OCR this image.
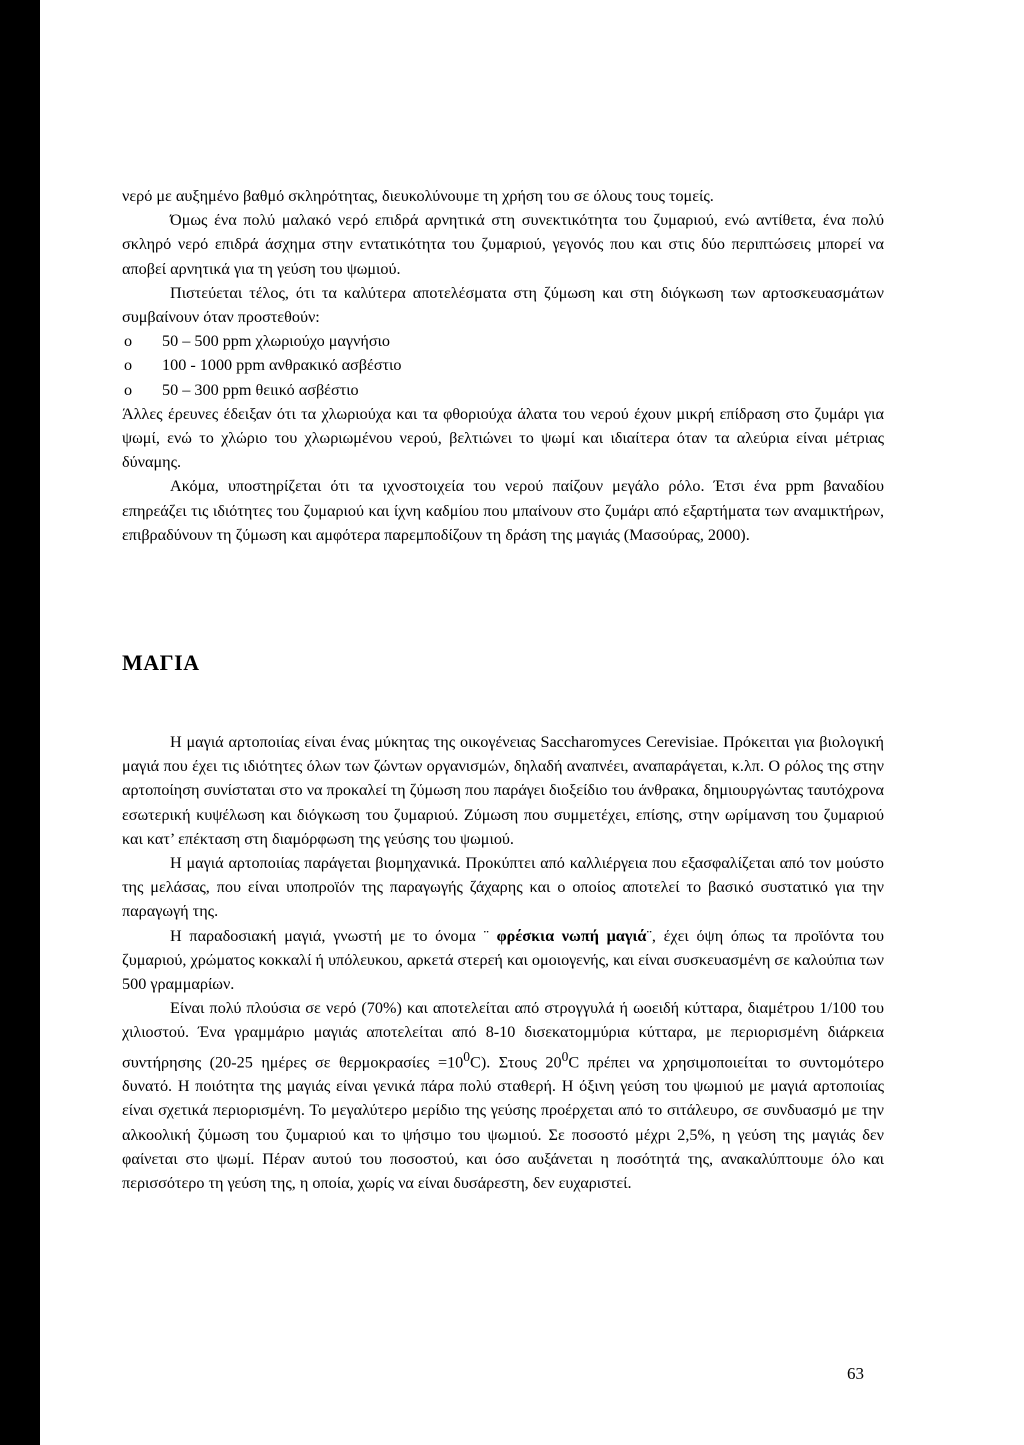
νερό με αυξημένο βαθμό σκληρότητας, διευκολύνουμε τη χρήση του σε όλους τους τομείς.

Όμως ένα πολύ μαλακό νερό επιδρά αρνητικά στη συνεκτικότητα του ζυμαριού, ενώ αντίθετα, ένα πολύ σκληρό νερό επιδρά άσχημα στην εντατικότητα του ζυμαριού, γεγονός που και στις δύο περιπτώσεις μπορεί να αποβεί αρνητικά για τη γεύση του ψωμιού.

Πιστεύεται τέλος, ότι τα καλύτερα αποτελέσματα στη ζύμωση και στη διόγκωση των αρτοσκευασμάτων συμβαίνουν όταν προστεθούν:

o 50 – 500 ppm χλωριούχο μαγνήσιο
o 100 - 1000 ppm ανθρακικό ασβέστιο
o 50 – 300 ppm θειικό ασβέστιο

Άλλες έρευνες έδειξαν ότι τα χλωριούχα και τα φθοριούχα άλατα του νερού έχουν μικρή επίδραση στο ζυμάρι για ψωμί, ενώ το χλώριο του χλωριωμένου νερού, βελτιώνει το ψωμί και ιδιαίτερα όταν τα αλεύρια είναι μέτριας δύναμης.

Ακόμα, υποστηρίζεται ότι τα ιχνοστοιχεία του νερού παίζουν μεγάλο ρόλο. Έτσι ένα ppm βαναδίου επηρεάζει τις ιδιότητες του ζυμαριού και ίχνη καδμίου που μπαίνουν στο ζυμάρι από εξαρτήματα των αναμικτήρων, επιβραδύνουν τη ζύμωση και αμφότερα παρεμποδίζουν τη δράση της μαγιάς (Μασούρας, 2000).

ΜΑΓΙΑ

Η μαγιά αρτοποιίας είναι ένας μύκητας της οικογένειας Saccharomyces Cerevisiae. Πρόκειται για βιολογική μαγιά που έχει τις ιδιότητες όλων των ζώντων οργανισμών, δηλαδή αναπνέει, αναπαράγεται, κ.λπ. Ο ρόλος της στην αρτοποίηση συνίσταται στο να προκαλεί τη ζύμωση που παράγει διοξείδιο του άνθρακα, δημιουργώντας ταυτόχρονα εσωτερική κυψέλωση και διόγκωση του ζυμαριού. Ζύμωση που συμμετέχει, επίσης, στην ωρίμανση του ζυμαριού και κατ’ επέκταση στη διαμόρφωση της γεύσης του ψωμιού.

Η μαγιά αρτοποιίας παράγεται βιομηχανικά. Προκύπτει από καλλιέργεια που εξασφαλίζεται από τον μούστο της μελάσας, που είναι υποπροϊόν της παραγωγής ζάχαρης και ο οποίος αποτελεί το βασικό συστατικό για την παραγωγή της.

Η παραδοσιακή μαγιά, γνωστή με το όνομα ¨ φρέσκια νωπή μαγιά¨, έχει όψη όπως τα προϊόντα του ζυμαριού, χρώματος κοκκαλί ή υπόλευκου, αρκετά στερεή και ομοιογενής, και είναι συσκευασμένη σε καλούπια των 500 γραμμαρίων.

Είναι πολύ πλούσια σε νερό (70%) και αποτελείται από στρογγυλά ή ωοειδή κύτταρα, διαμέτρου 1/100 του χιλιοστού. Ένα γραμμάριο μαγιάς αποτελείται από 8-10 δισεκατομμύρια κύτταρα, με περιορισμένη διάρκεια συντήρησης (20-25 ημέρες σε $\theta\varepsilon\rho\mu o\kappa\rho\alpha\sigma ί\varepsilon\varsigma =10^0C$). Στους $20^0C$ πρέπει να χρησιμοποιείται το συντομότερο δυνατό. Η ποιότητα της μαγιάς είναι γενικά πάρα πολύ σταθερή. Η όξινη γεύση του ψωμιού με μαγιά αρτοποιίας είναι σχετικά περιορισμένη. Το μεγαλύτερο μερίδιο της γεύσης προέρχεται από το σιτάλευρο, σε συνδυασμό με την αλκοολική ζύμωση του ζυμαριού και το ψήσιμο του ψωμιού. Σε ποσοστό μέχρι 2,5%, η γεύση της μαγιάς δεν φαίνεται στο ψωμί. Πέραν αυτού του ποσοστού, και όσο αυξάνεται η ποσότητά της, ανακαλύπτουμε όλο και περισσότερο τη γεύση της, η οποία, χωρίς να είναι δυσάρεστη, δεν ευχαριστεί.

63
